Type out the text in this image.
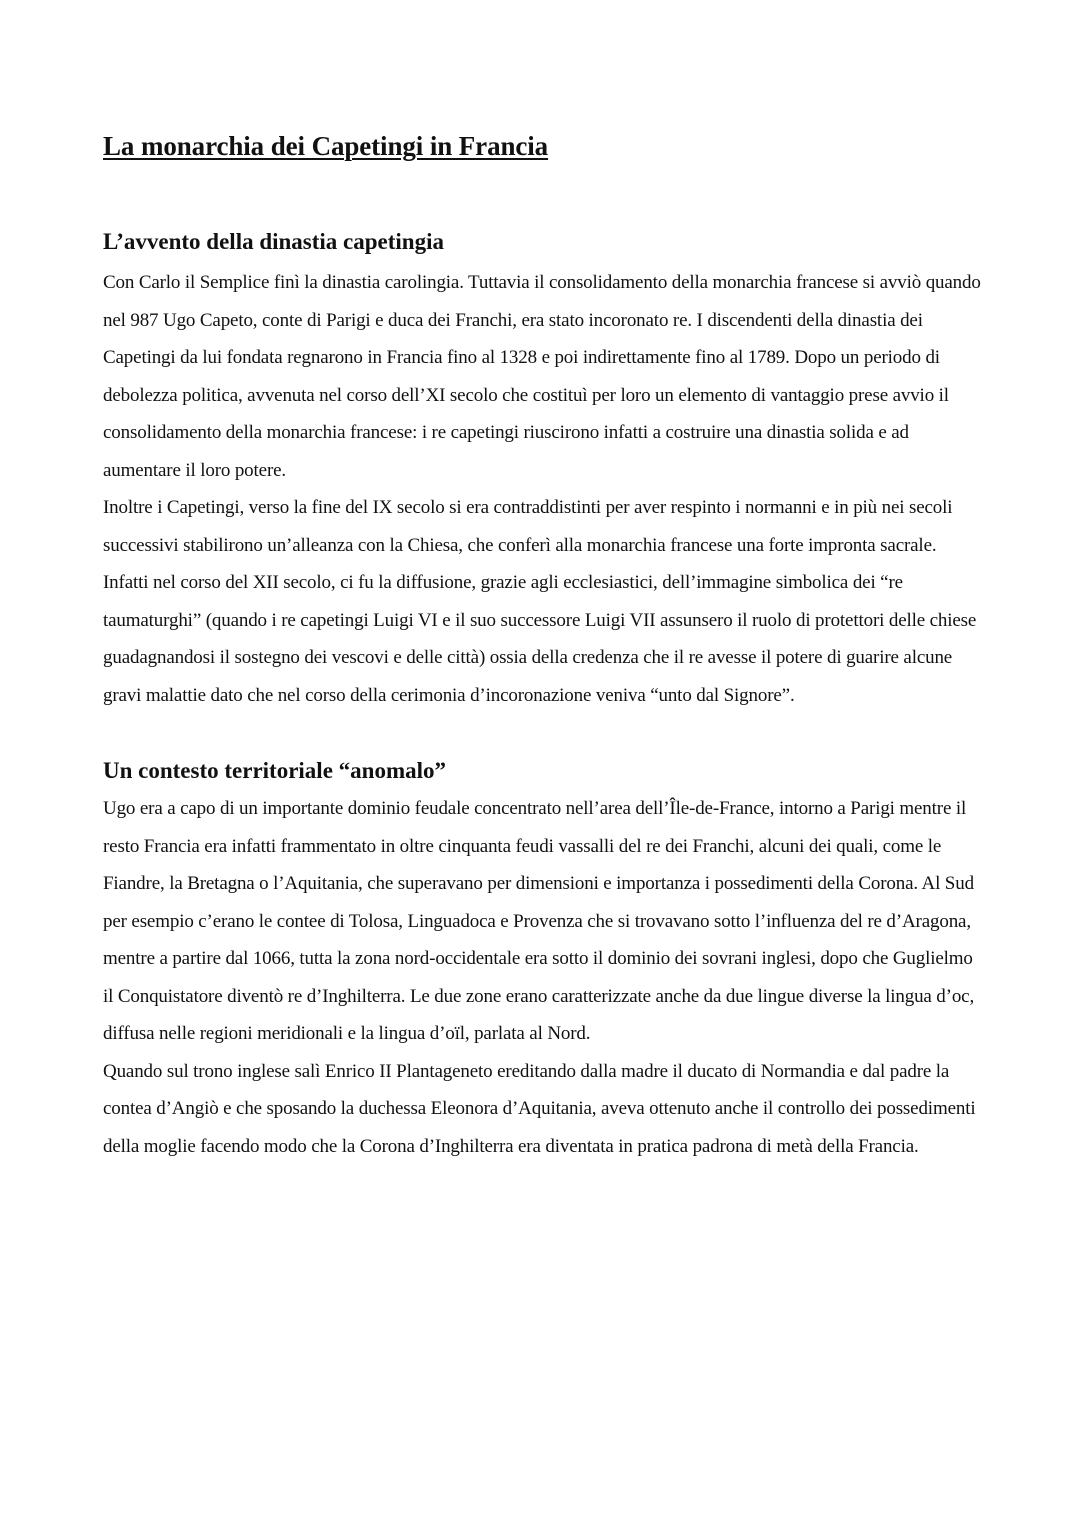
La monarchia dei Capetingi in Francia
L’avvento della dinastia capetingia

Con Carlo il Semplice finì la dinastia carolingia. Tuttavia il consolidamento della monarchia francese si avviò quando nel 987 Ugo Capeto, conte di Parigi e duca dei Franchi, era stato incoronato re. I discendenti della dinastia dei Capetingi da lui fondata regnarono in Francia fino al 1328 e poi indirettamente fino al 1789. Dopo un periodo di debolezza politica, avvenuta nel corso dell’XI secolo che costituì per loro un elemento di vantaggio prese avvio il consolidamento della monarchia francese: i re capetingi riuscirono infatti a costruire una dinastia solida e ad aumentare il loro potere.

Inoltre i Capetingi, verso la fine del IX secolo si era contraddistinti per aver respinto i normanni e in più nei secoli successivi stabilirono un’alleanza con la Chiesa, che conferì alla monarchia francese una forte impronta sacrale. Infatti nel corso del XII secolo, ci fu la diffusione, grazie agli ecclesiastici, dell’immagine simbolica dei “re taumaturghi” (quando i re capetingi Luigi VI e il suo successore Luigi VII assunsero il ruolo di protettori delle chiese guadagnandosi il sostegno dei vescovi e delle città) ossia della credenza che il re avesse il potere di guarire alcune gravi malattie dato che nel corso della cerimonia d’incoronazione veniva “unto dal Signore”.

Un contesto territoriale “anomalo”

Ugo era a capo di un importante dominio feudale concentrato nell’area dell’Île-de-France, intorno a Parigi mentre il resto Francia era infatti frammentato in oltre cinquanta feudi vassalli del re dei Franchi, alcuni dei quali, come le Fiandre, la Bretagna o l’Aquitania, che superavano per dimensioni e importanza i possedimenti della Corona. Al Sud per esempio c’erano le contee di Tolosa, Linguadoca e Provenza che si trovavano sotto l’influenza del re d’Aragona, mentre a partire dal 1066, tutta la zona nord-occidentale era sotto il dominio dei sovrani inglesi, dopo che Guglielmo il Conquistatore diventò re d’Inghilterra. Le due zone erano caratterizzate anche da due lingue diverse la lingua d’oc, diffusa nelle regioni meridionali e la lingua d’oïl, parlata al Nord.

Quando sul trono inglese salì Enrico II Plantageneto ereditando dalla madre il ducato di Normandia e dal padre la contea d’Angiò e che sposando la duchessa Eleonora d’Aquitania, aveva ottenuto anche il controllo dei possedimenti della moglie facendo modo che la Corona d’Inghilterra era diventata in pratica padrona di metà della Francia.
